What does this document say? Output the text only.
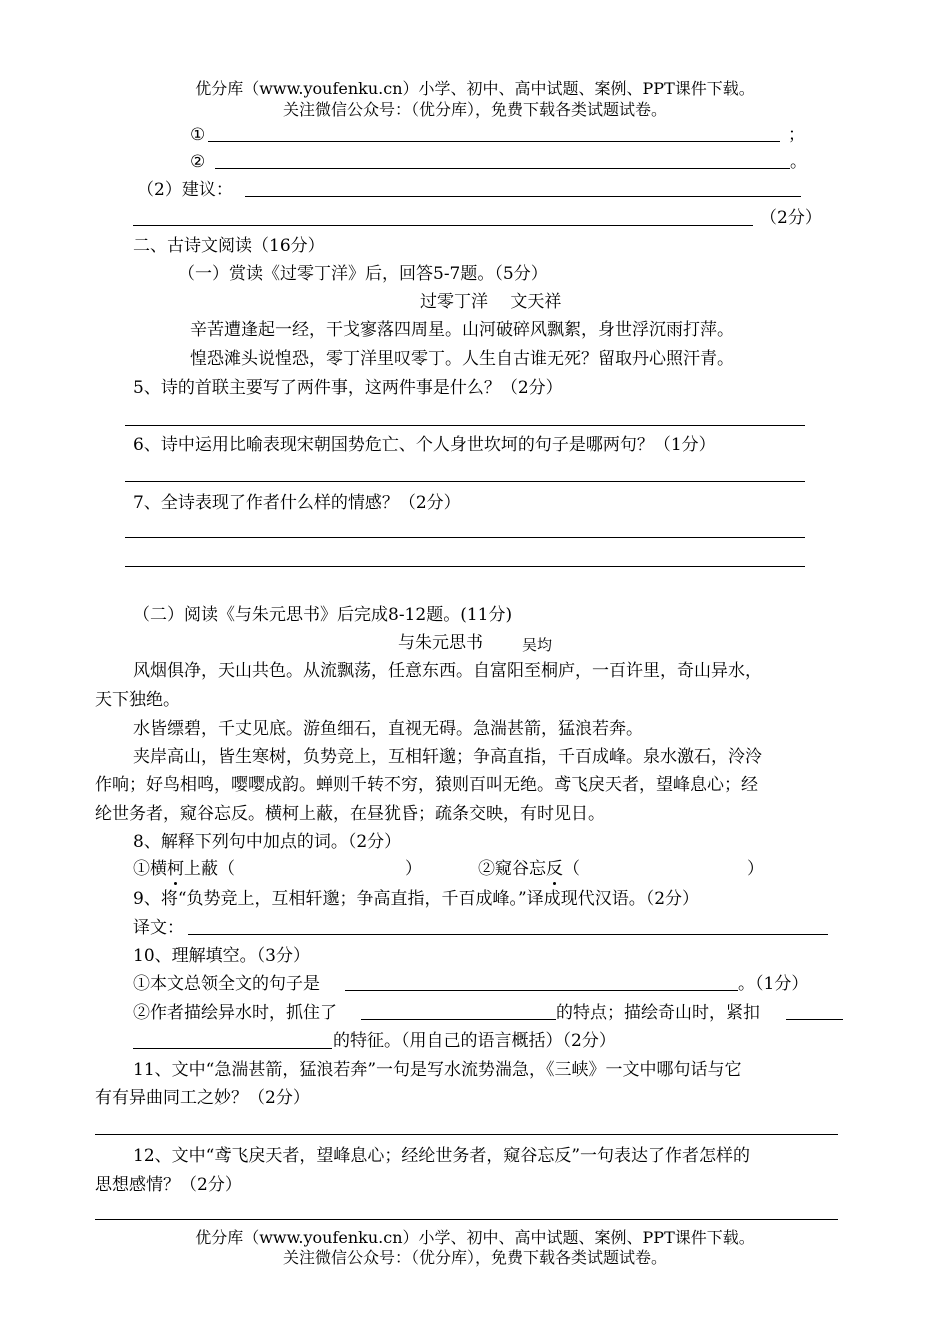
优分库（www.youfenku.cn）小学、初中、高中试题、案例、PPT课件下载。
关注微信公众号：（优分库），免费下载各类试题试卷。
①	；
②	。
（2）建议：
（2分）
二、古诗文阅读（16分）
（一）赏读《过零丁洋》后，回答5-7题。（5分）
过零丁洋　 文天祥
辛苦遭逢起一经，干戈寥落四周星。山河破碎风飘絮，身世浮沉雨打萍。
惶恐滩头说惶恐，零丁洋里叹零丁。人生自古谁无死？留取丹心照汗青。
5、诗的首联主要写了两件事，这两件事是什么？（2分）
6、诗中运用比喻表现宋朝国势危亡、个人身世坎坷的句子是哪两句？（1分）
7、全诗表现了作者什么样的情感？（2分）
（二）阅读《与朱元思书》后完成8-12题。(11分)
与朱元思书	吴均
风烟俱净，天山共色。从流飘荡，任意东西。自富阳至桐庐，一百许里，奇山异水，
天下独绝。
水皆缥碧，千丈见底。游鱼细石，直视无碍。急湍甚箭，猛浪若奔。
夹岸高山，皆生寒树，负势竞上，互相轩邈；争高直指，千百成峰。泉水激石，泠泠
作响；好鸟相鸣，嘤嘤成韵。蝉则千转不穷，猿则百叫无绝。鸢飞戾天者，望峰息心；经
纶世务者，窥谷忘反。横柯上蔽，在昼犹昏；疏条交映，有时见日。
8、解释下列句中加点的词。（2分）
①横柯上蔽（	）	②窥谷忘反（	）
9、将“负势竞上，互相轩邈；争高直指，千百成峰。”译成现代汉语。（2分）
译文：
10、理解填空。（3分）
①本文总领全文的句子是	。（1分）
②作者描绘异水时，抓住了	的特点；描绘奇山时，紧扣
的特征。（用自己的语言概括）（2分）
11、文中“急湍甚箭，猛浪若奔”一句是写水流势湍急，《三峡》一文中哪句话与它
有有异曲同工之妙？（2分）
12、文中“鸢飞戾天者，望峰息心；经纶世务者，窥谷忘反”一句表达了作者怎样的
思想感情？（2分）
优分库（www.youfenku.cn）小学、初中、高中试题、案例、PPT课件下载。
关注微信公众号：（优分库），免费下载各类试题试卷。
